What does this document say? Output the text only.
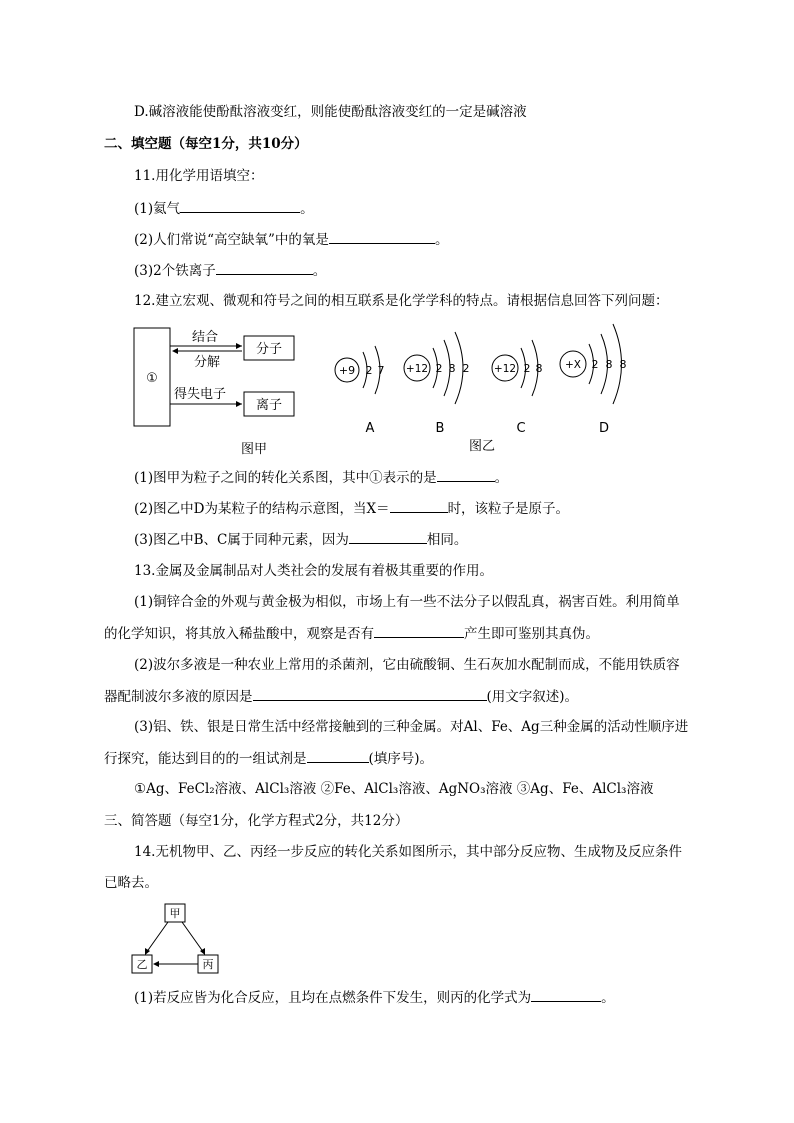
D.碱溶液能使酚酞溶液变红，则能使酚酞溶液变红的一定是碱溶液
二、填空题（每空1分，共10分）
11.用化学用语填空：
(1)氦气	。
(2)人们常说“高空缺氧”中的氧是	。
(3)2个铁离子	。
12.建立宏观、微观和符号之间的相互联系是化学学科的特点。请根据信息回答下列问题：
①
结合
分解
分子
得失电子
离子
图甲
+9 2 7
A
+12 2 8 2
B
+12 2 8
C
+X 2 8 8
D
图乙
(1)图甲为粒子之间的转化关系图，其中①表示的是	。
(2)图乙中D为某粒子的结构示意图，当X＝	时，该粒子是原子。
(3)图乙中B、C属于同种元素，因为	相同。
13.金属及金属制品对人类社会的发展有着极其重要的作用。
(1)铜锌合金的外观与黄金极为相似，市场上有一些不法分子以假乱真，祸害百姓。利用简单
的化学知识，将其放入稀盐酸中，观察是否有	产生即可鉴别其真伪。
(2)波尔多液是一种农业上常用的杀菌剂，它由硫酸铜、生石灰加水配制而成，不能用铁质容
器配制波尔多液的原因是	(用文字叙述)。
(3)铝、铁、银是日常生活中经常接触到的三种金属。对Al、Fe、Ag三种金属的活动性顺序进
行探究，能达到目的的一组试剂是	(填序号)。
①Ag、FeCl₂溶液、AlCl₃溶液 ②Fe、AlCl₃溶液、AgNO₃溶液 ③Ag、Fe、AlCl₃溶液
三、简答题（每空1分，化学方程式2分，共12分）
14.无机物甲、乙、丙经一步反应的转化关系如图所示，其中部分反应物、生成物及反应条件
已略去。
甲
乙	丙
(1)若反应皆为化合反应，且均在点燃条件下发生，则丙的化学式为	。
